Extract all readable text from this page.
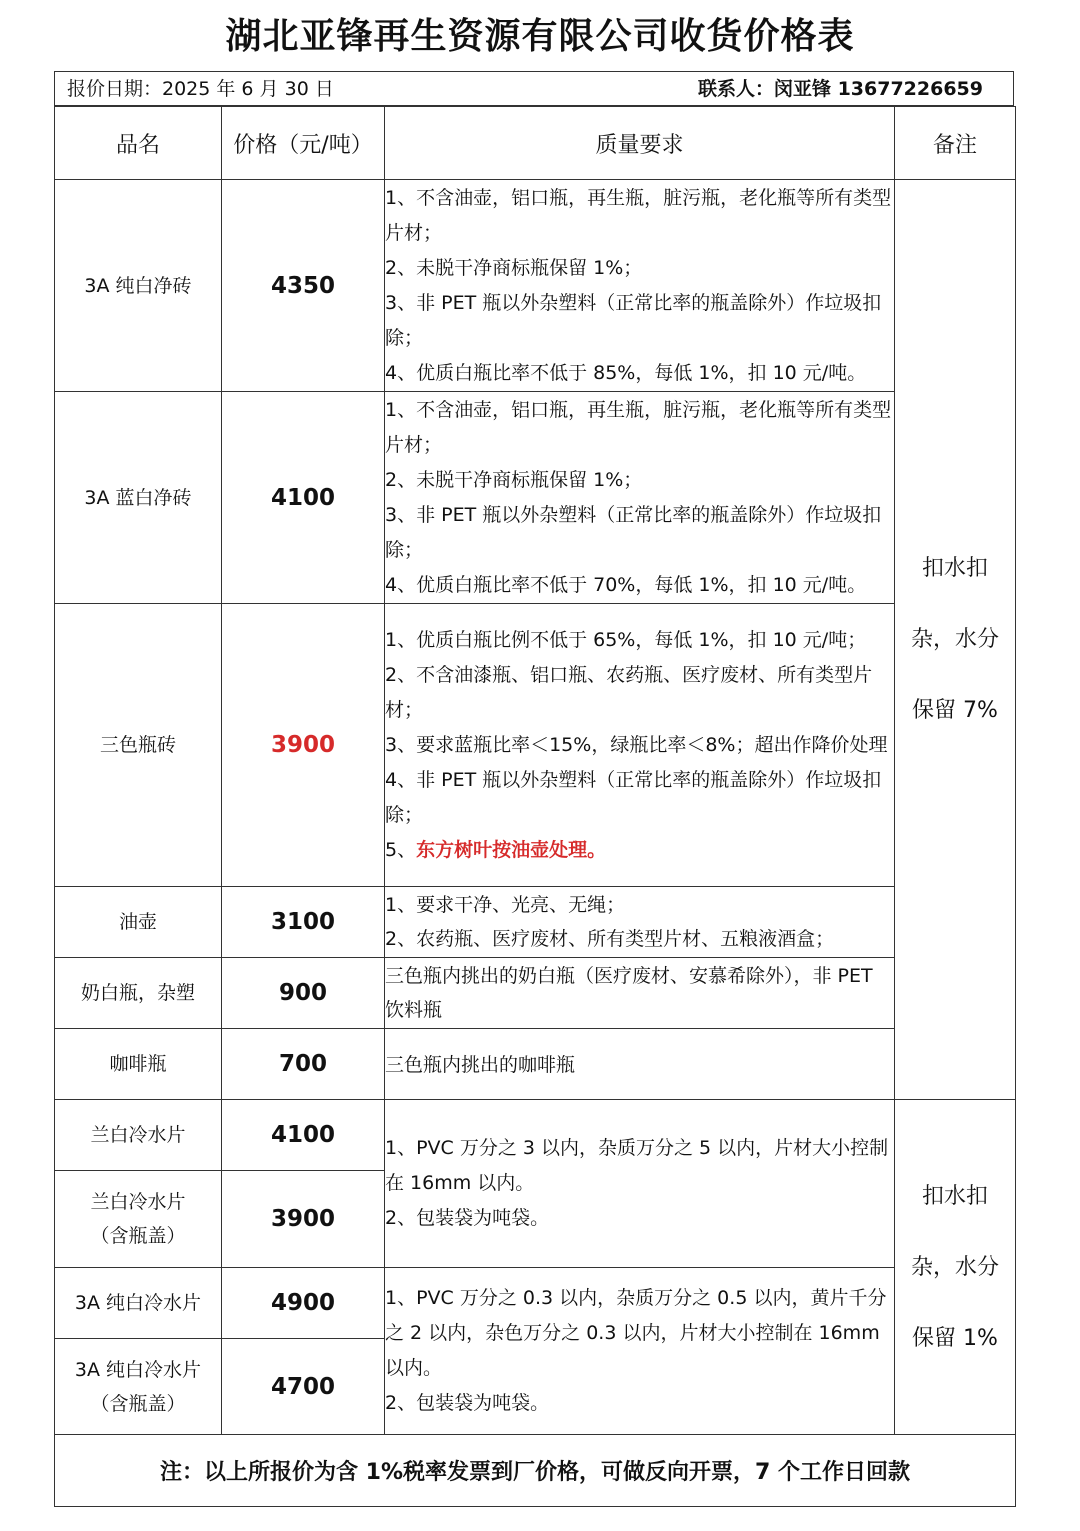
湖北亚锋再生资源有限公司收货价格表
报价日期：2025 年 6 月 30 日	联系人：闵亚锋 13677226659
品名	价格（元/吨）	质量要求	备注
3A 纯白净砖	4350	1、不含油壶，铝口瓶，再生瓶，脏污瓶，老化瓶等所有类型片材；
2、未脱干净商标瓶保留 1%；
3、非 PET 瓶以外杂塑料（正常比率的瓶盖除外）作垃圾扣除；
4、优质白瓶比率不低于 85%，每低 1%，扣 10 元/吨。	扣水扣
杂，水分
保留 7%

3A 蓝白净砖	4100	1、不含油壶，铝口瓶，再生瓶，脏污瓶，老化瓶等所有类型片材；
2、未脱干净商标瓶保留 1%；
3、非 PET 瓶以外杂塑料（正常比率的瓶盖除外）作垃圾扣除；
4、优质白瓶比率不低于 70%，每低 1%，扣 10 元/吨。	

三色瓶砖	3900	1、优质白瓶比例不低于 65%，每低 1%，扣 10 元/吨；
2、不含油漆瓶、铝口瓶、农药瓶、医疗废材、所有类型片材；
3、要求蓝瓶比率＜15%，绿瓶比率＜8%；超出作降价处理
4、非 PET 瓶以外杂塑料（正常比率的瓶盖除外）作垃圾扣除；
5、东方树叶按油壶处理。	

油壶	3100	1、要求干净、光亮、无绳；
2、农药瓶、医疗废材、所有类型片材、五粮液酒盒；	

奶白瓶，杂塑	900	三色瓶内挑出的奶白瓶（医疗废材、安慕希除外），非 PET 饮料瓶	

咖啡瓶	700	三色瓶内挑出的咖啡瓶	

兰白冷水片	4100	1、PVC 万分之 3 以内，杂质万分之 5 以内，片材大小控制在 16mm 以内。
2、包装袋为吨袋。	扣水扣
杂，水分
保留 1%

兰白冷水片
（含瓶盖）	3900		
3A 纯白冷水片	4900	1、PVC 万分之 0.3 以内，杂质万分之 0.5 以内，黄片千分之 2 以内，杂色万分之 0.3 以内，片材大小控制在 16mm 以内。
2、包装袋为吨袋。	

3A 纯白冷水片
（含瓶盖）	4700		
注：以上所报价为含 1%税率发票到厂价格，可做反向开票，7 个工作日回款			
